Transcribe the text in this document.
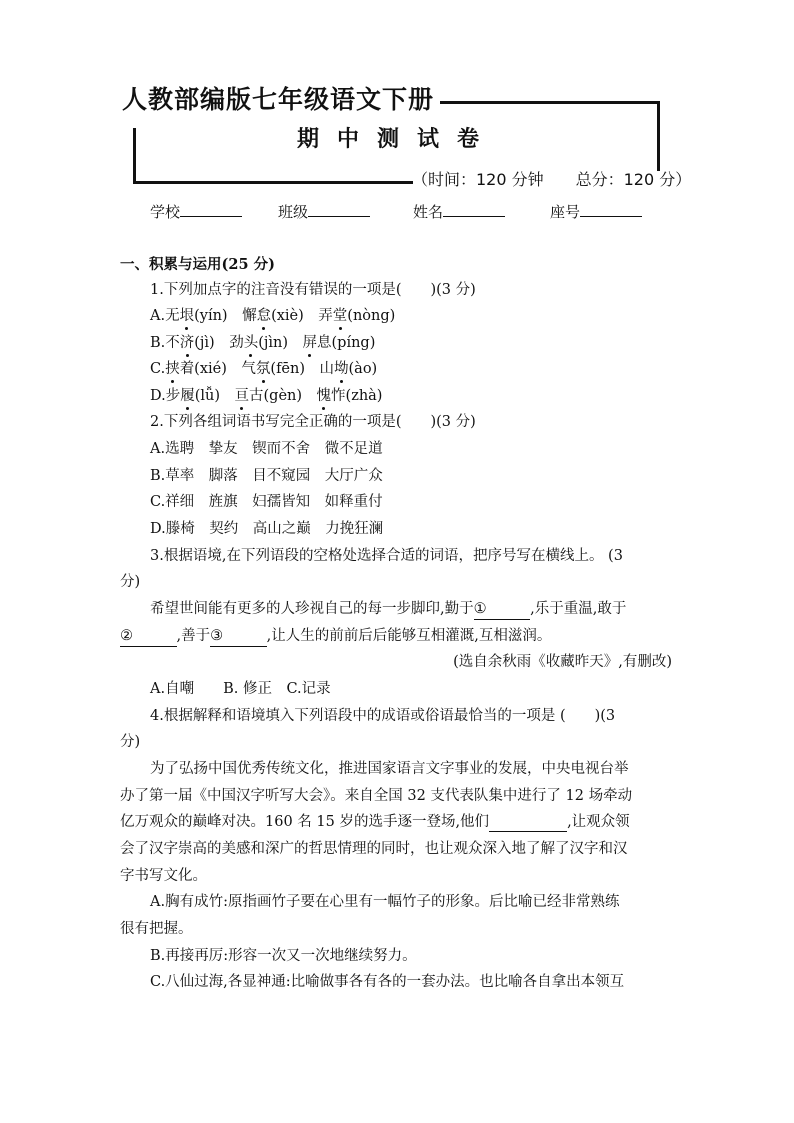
人教部编版七年级语文下册
期中测试卷
（时间：120 分钟　　总分：120 分）
学校	班级	姓名	座号
一、积累与运用(25 分)
1.下列加点字的注音没有错误的一项是(　　)(3 分)
A.无垠(yín)　懈怠(xiè)　弄堂(nòng)
B.不济(jì)　劲头(jìn)　屏息(píng)
C.挟着(xié)　气氛(fēn)　山坳(ào)
D.步履(lǚ)　亘古(gèn)　愧怍(zhà)
2.下列各组词语书写完全正确的一项是(　　)(3 分)
A.选聘　挚友　锲而不舍　微不足道
B.草率　脚落　目不窥园　大厅广众
C.祥细　旌旗　妇孺皆知　如释重付
D.滕椅　契约　高山之巅　力挽狂澜
3.根据语境,在下列语段的空格处选择合适的词语，把序号写在横线上。 (3
分)
希望世间能有更多的人珍视自己的每一步脚印,勤于①　　　,乐于重温,敢于
②　　　,善于③　　　,让人生的前前后后能够互相灌溉,互相滋润。
(选自余秋雨《收藏昨天》,有删改)
A.自嘲　　B. 修正　C.记录
4.根据解释和语境填入下列语段中的成语或俗语最恰当的一项是 (　　)(3
分)
为了弘扬中国优秀传统文化，推进国家语言文字事业的发展，中央电视台举
办了第一届《中国汉字听写大会》。来自全国 32 支代表队集中进行了 12 场牵动
亿万观众的巅峰对决。160 名 15 岁的选手逐一登场,他们	,让观众领
会了汉字崇高的美感和深广的哲思情理的同时，也让观众深入地了解了汉字和汉
字书写文化。
A.胸有成竹:原指画竹子要在心里有一幅竹子的形象。后比喻已经非常熟练
很有把握。
B.再接再厉:形容一次又一次地继续努力。
C.八仙过海,各显神通:比喻做事各有各的一套办法。也比喻各自拿出本领互
